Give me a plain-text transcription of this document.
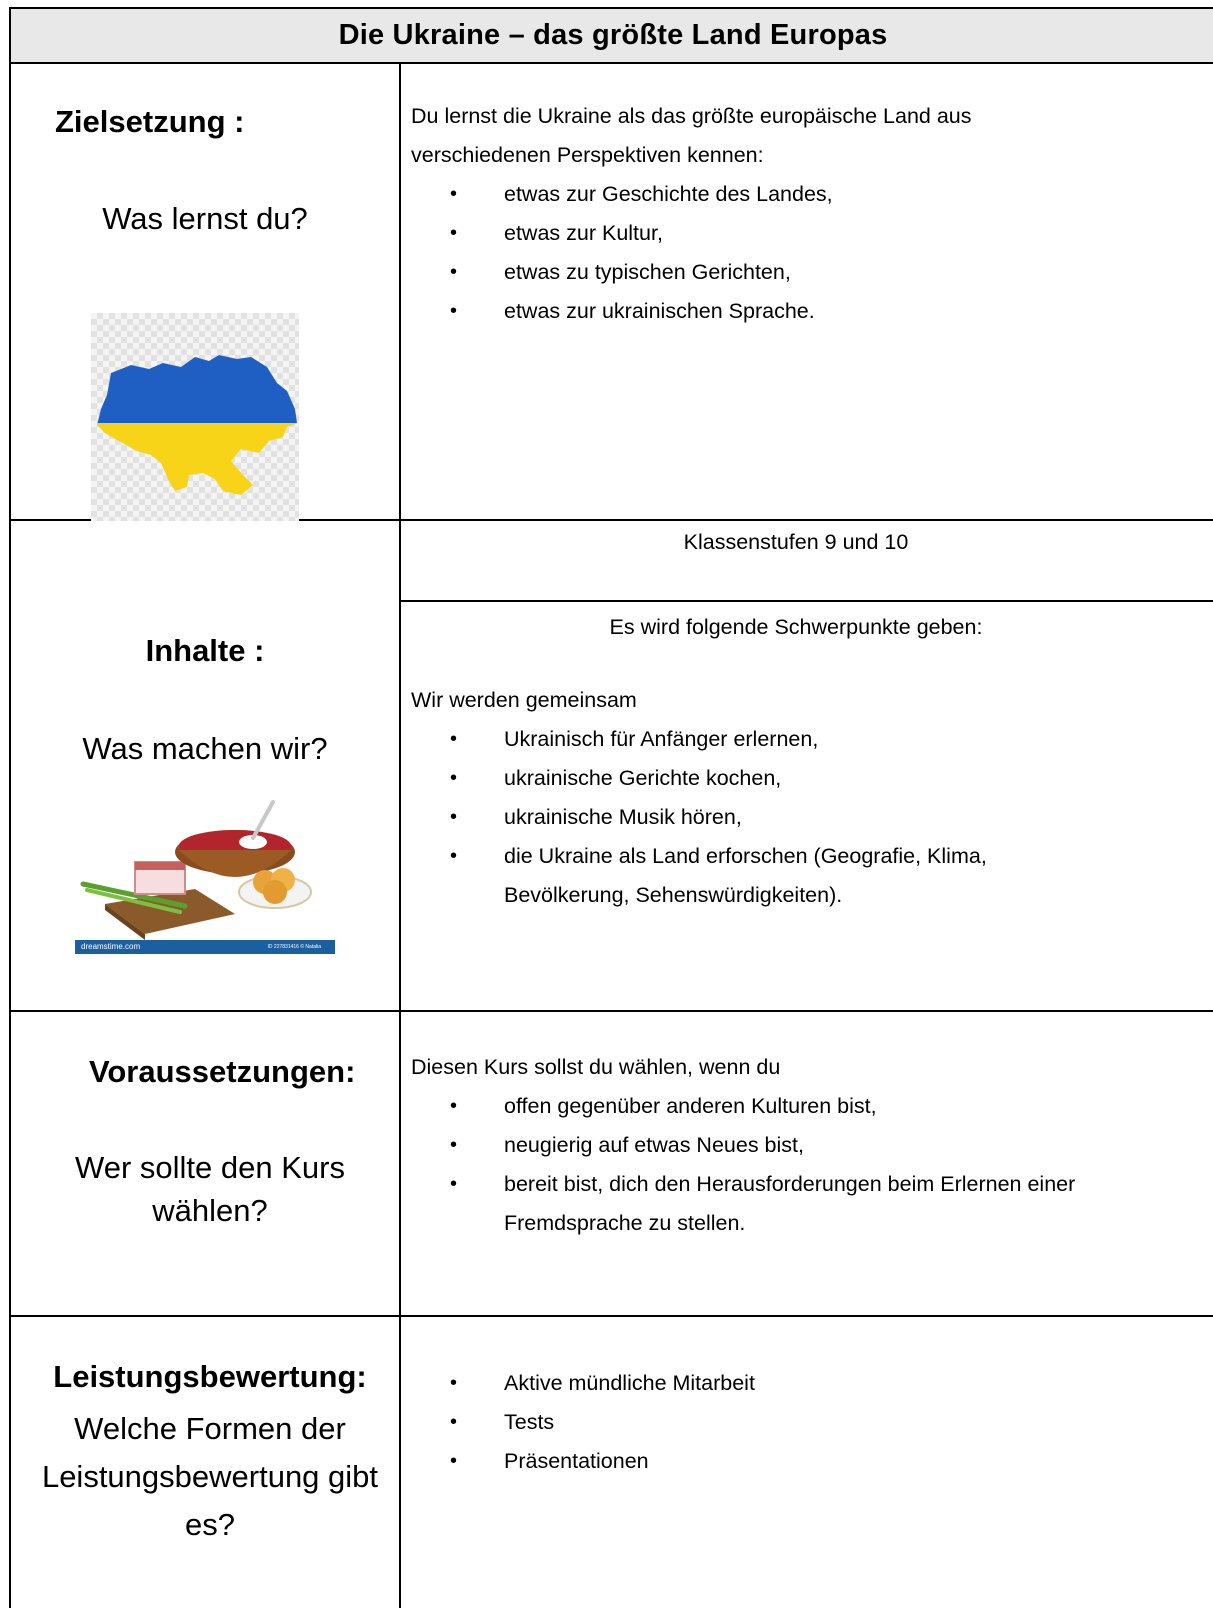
Die Ukraine – das größte Land Europas
Zielsetzung :
Was lernst du?
Du lernst die Ukraine als das größte europäische Land aus
verschiedenen Perspektiven kennen:
• etwas zur Geschichte des Landes,
• etwas zur Kultur,
• etwas zu typischen Gerichten,
• etwas zur ukrainischen Sprache.
Inhalte :
Was machen wir?
Klassenstufen 9 und 10
Es wird folgende Schwerpunkte geben:
Wir werden gemeinsam
• Ukrainisch für Anfänger erlernen,
• ukrainische Gerichte kochen,
• ukrainische Musik hören,
• die Ukraine als Land erforschen (Geografie, Klima,
Bevölkerung, Sehenswürdigkeiten).
dreamstime.com	ID 227831416 © Natalia
Voraussetzungen:
Wer sollte den Kurs
wählen?
Diesen Kurs sollst du wählen, wenn du
• offen gegenüber anderen Kulturen bist,
• neugierig auf etwas Neues bist,
• bereit bist, dich den Herausforderungen beim Erlernen einer
Fremdsprache zu stellen.
Leistungsbewertung:
Welche Formen der
Leistungsbewertung gibt
es?
• Aktive mündliche Mitarbeit
• Tests
• Präsentationen
